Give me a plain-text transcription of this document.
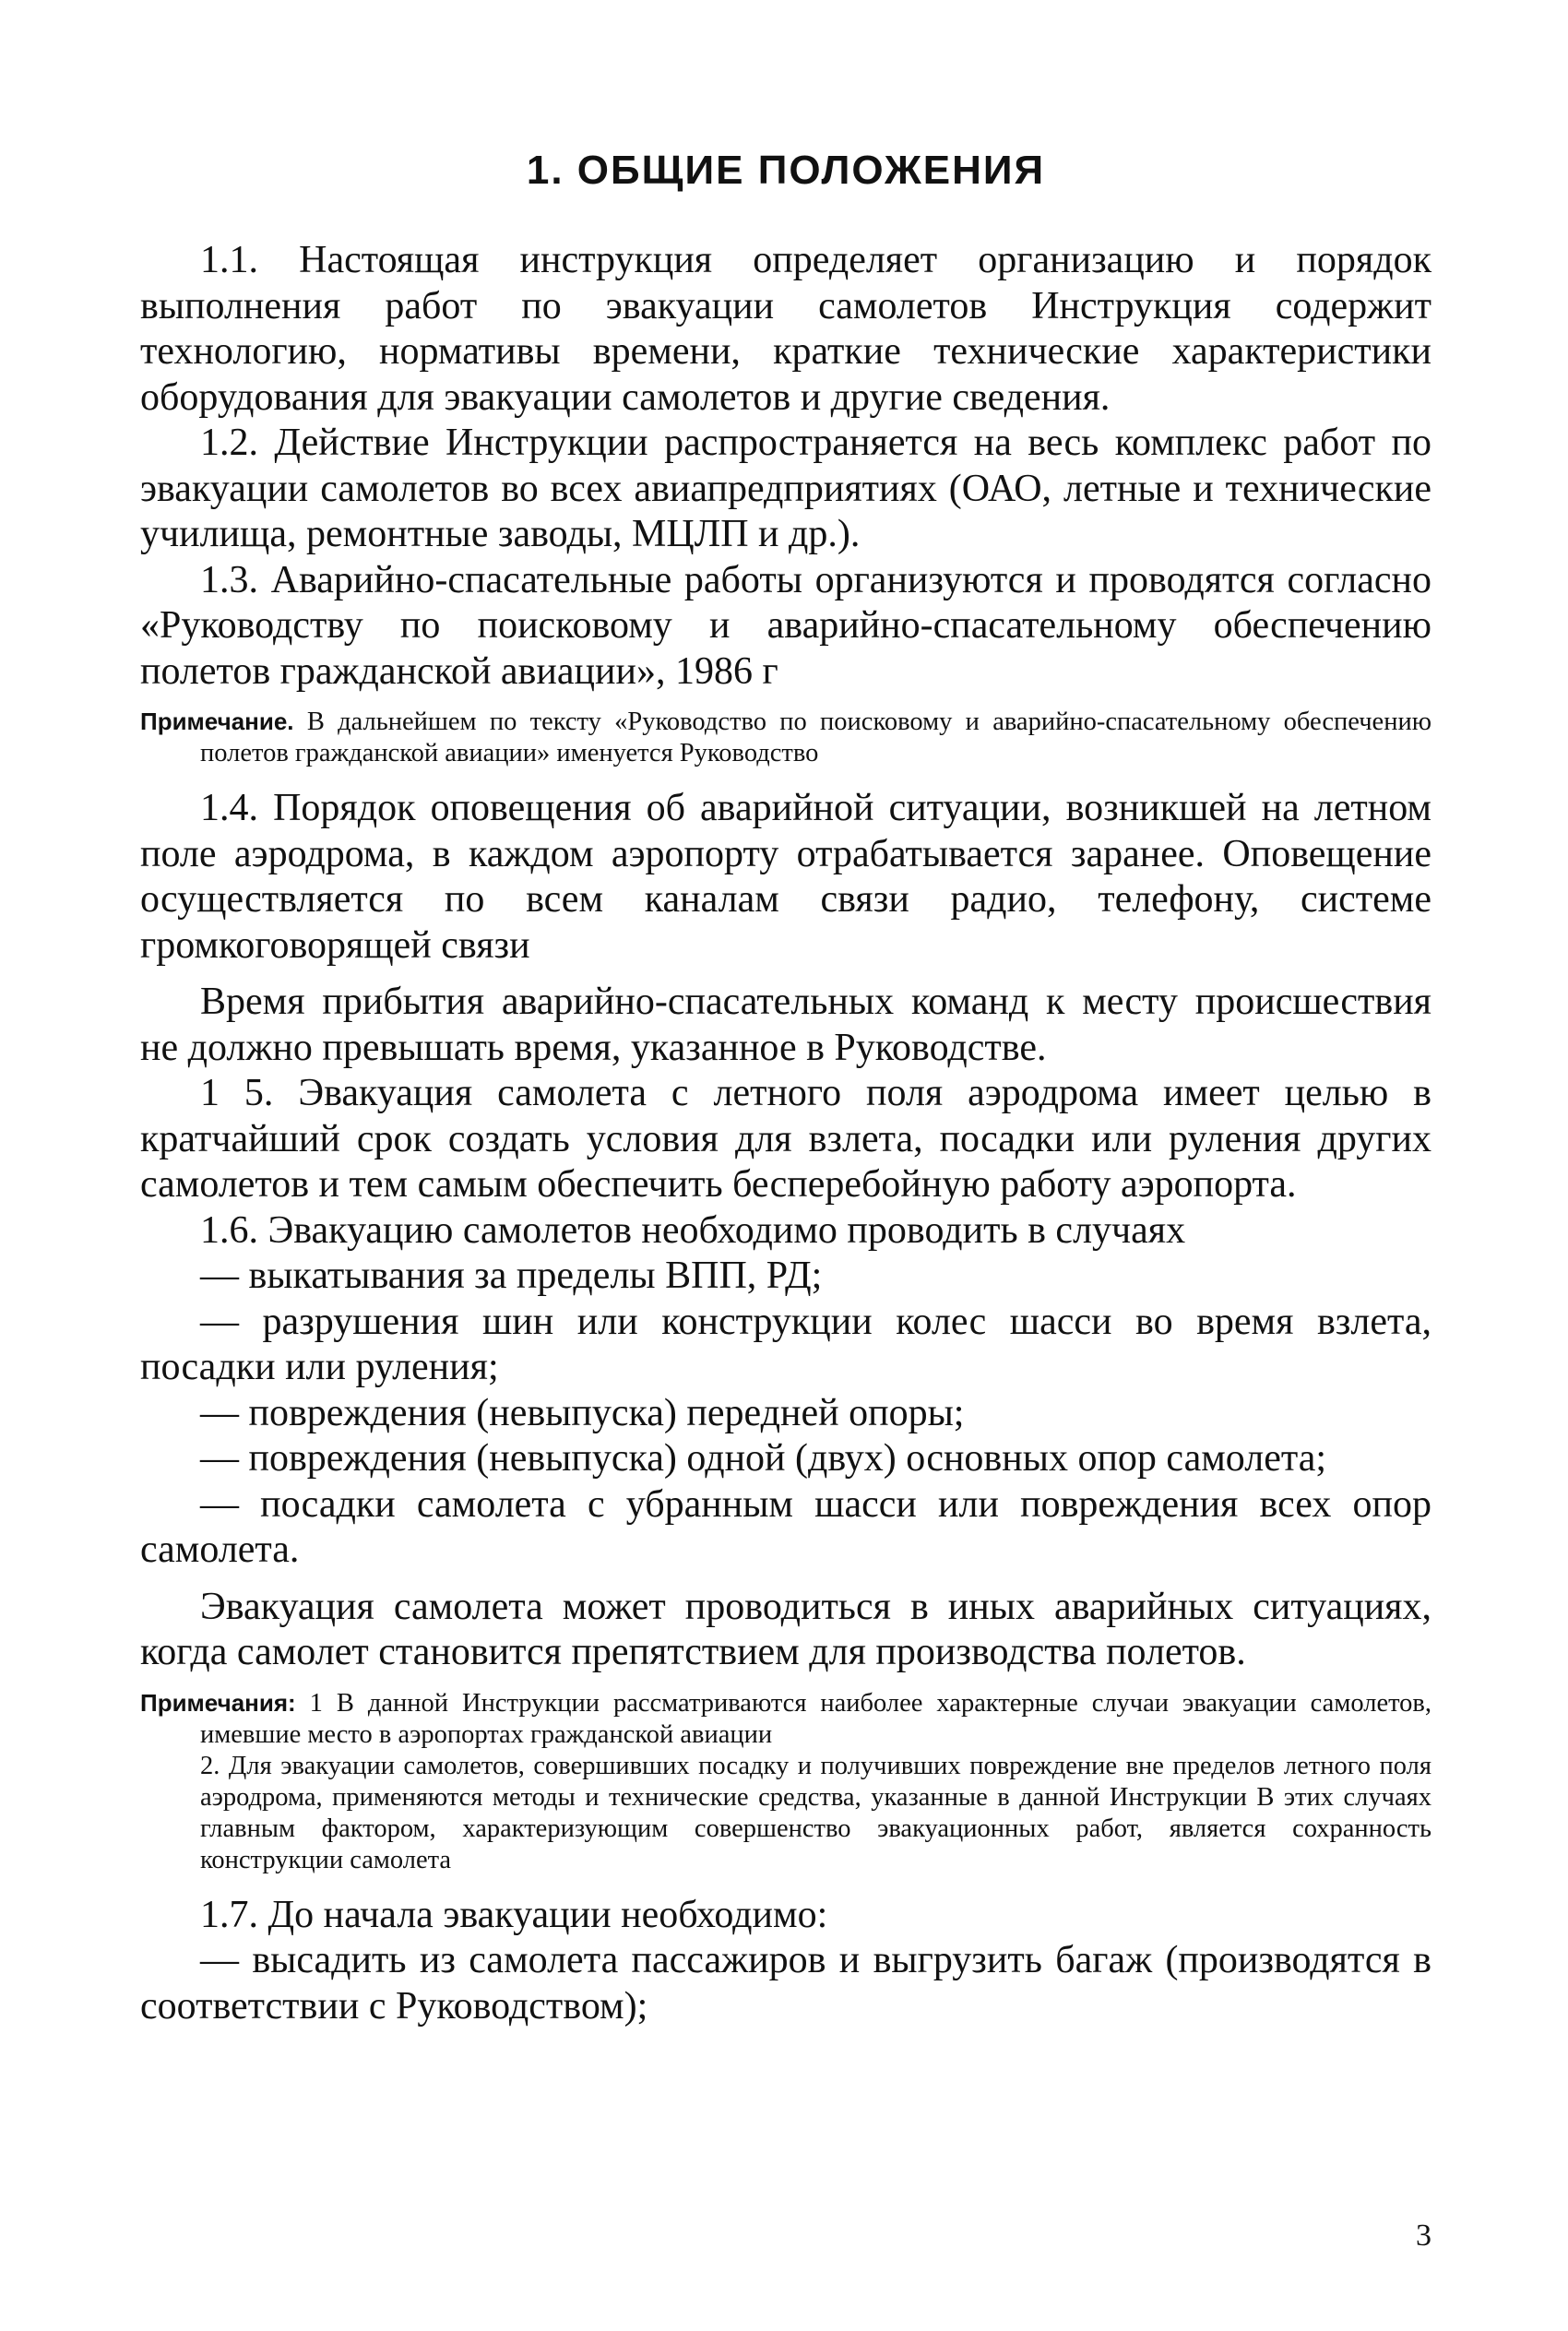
1. ОБЩИЕ ПОЛОЖЕНИЯ

1.1. Настоящая инструкция определяет организацию и порядок выполнения работ по эвакуации самолетов Инструкция содержит технологию, нормативы времени, краткие технические характеристики оборудования для эвакуации самолетов и другие сведения.

1.2. Действие Инструкции распространяется на весь комплекс работ по эвакуации самолетов во всех авиапредприятиях (ОАО, летные и технические училища, ремонтные заводы, МЦЛП и др.).

1.3. Аварийно-спасательные работы организуются и проводятся согласно «Руководству по поисковому и аварийно-спасательному обеспечению полетов гражданской авиации», 1986 г

Примечание. В дальнейшем по тексту «Руководство по поисковому и аварийно-спасательному обеспечению полетов гражданской авиации» именуется Руководство

1.4. Порядок оповещения об аварийной ситуации, возникшей на летном поле аэродрома, в каждом аэропорту отрабатывается заранее. Оповещение осуществляется по всем каналам связи радио, телефону, системе громкоговорящей связи

Время прибытия аварийно-спасательных команд к месту происшествия не должно превышать время, указанное в Руководстве.

1 5. Эвакуация самолета с летного поля аэродрома имеет целью в кратчайший срок создать условия для взлета, посадки или руления других самолетов и тем самым обеспечить бесперебойную работу аэропорта.

1.6. Эвакуацию самолетов необходимо проводить в случаях

— выкатывания за пределы ВПП, РД;

— разрушения шин или конструкции колес шасси во время взлета, посадки или руления;

— повреждения (невыпуска) передней опоры;

— повреждения (невыпуска) одной (двух) основных опор самолета;

— посадки самолета с убранным шасси или повреждения всех опор самолета.

Эвакуация самолета может проводиться в иных аварийных ситуациях, когда самолет становится препятствием для производства полетов.

Примечания: 1 В данной Инструкции рассматриваются наиболее характерные случаи эвакуации самолетов, имевшие место в аэропортах гражданской авиации

2. Для эвакуации самолетов, совершивших посадку и получивших повреждение вне пределов летного поля аэродрома, применяются методы и технические средства, указанные в данной Инструкции В этих случаях главным фактором, характеризующим совершенство эвакуационных работ, является сохранность конструкции самолета

1.7. До начала эвакуации необходимо:

— высадить из самолета пассажиров и выгрузить багаж (производятся в соответствии с Руководством);

3
